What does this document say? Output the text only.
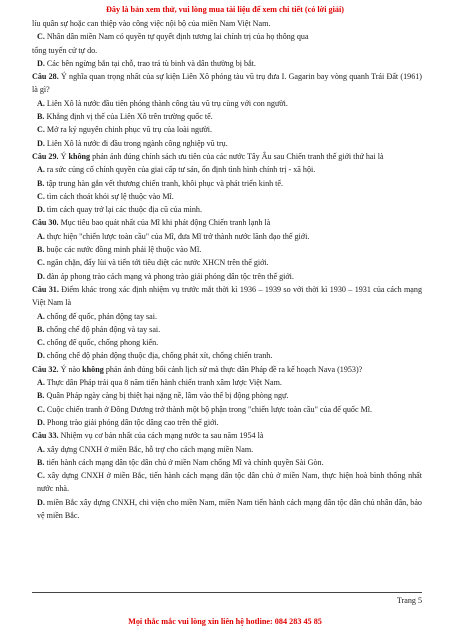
Đây là bản xem thử, vui lòng mua tài liệu để xem chi tiết (có lời giải)
líu quân sự hoặc can thiệp vào công việc nội bộ của miền Nam Việt Nam.
C. Nhân dân miền Nam có quyền tự quyết định tương lai chính trị của họ thông qua
tổng tuyển cử tự do.
D. Các bên ngừng bắn tại chỗ, trao trả tù binh và dân thường bị bắt.
Câu 28. Ý nghĩa quan trọng nhất của sự kiện Liên Xô phóng tàu vũ trụ đưa I. Gagarin bay vòng quanh Trái Đất (1961) là gì?
A. Liên Xô là nước đầu tiên phóng thành công tàu vũ trụ cùng với con người.
B. Khẳng định vị thế của Liên Xô trên trường quốc tế.
C. Mở ra kỷ nguyên chinh phục vũ trụ của loài người.
D. Liên Xô là nước đi đầu trong ngành công nghiệp vũ trụ.
Câu 29. Ý không phản ánh đúng chính sách ưu tiên của các nước Tây Âu sau Chiến tranh thế giới thứ hai là
A. ra sức củng cố chính quyền của giai cấp tư sản, ổn định tình hình chính trị - xã hội.
B. tập trung hàn gắn vết thương chiến tranh, khôi phục và phát triển kinh tế.
C. tìm cách thoát khỏi sự lệ thuộc vào Mĩ.
D. tìm cách quay trở lại các thuộc địa cũ của mình.
Câu 30. Mục tiêu bao quát nhất của Mĩ khi phát động Chiến tranh lạnh là
A. thực hiện "chiến lược toàn cầu" của Mĩ, đưa Mĩ trở thành nước lãnh đạo thế giới.
B. buộc các nước đồng minh phải lệ thuộc vào Mĩ.
C. ngăn chặn, đẩy lùi và tiến tới tiêu diệt các nước XHCN trên thế giới.
D. đàn áp phong trào cách mạng và phong trào giải phóng dân tộc trên thế giới.
Câu 31. Điểm khác trong xác định nhiệm vụ trước mắt thời kì 1936 – 1939 so với thời kì 1930 – 1931 của cách mạng Việt Nam là
A. chống đế quốc, phản động tay sai.
B. chống chế độ phản động và tay sai.
C. chống đế quốc, chống phong kiến.
D. chống chế độ phản động thuộc địa, chống phát xít, chống chiến tranh.
Câu 32. Ý nào không phản ánh đúng bối cảnh lịch sử mà thực dân Pháp đề ra kế hoạch Nava (1953)?
A. Thực dân Pháp trải qua 8 năm tiến hành chiến tranh xâm lược Việt Nam.
B. Quân Pháp ngày càng bị thiệt hại nặng nề, lâm vào thế bị động phòng ngự.
C. Cuộc chiến tranh ở Đông Dương trở thành một bộ phận trong "chiến lược toàn cầu" của đế quốc Mĩ.
D. Phong trào giải phóng dân tộc dâng cao trên thế giới.
Câu 33. Nhiệm vụ cơ bản nhất của cách mạng nước ta sau năm 1954 là
A. xây dựng CNXH ở miền Bắc, hỗ trợ cho cách mạng miền Nam.
B. tiến hành cách mạng dân tộc dân chủ ở miền Nam chống Mĩ và chính quyền Sài Gòn.
C. xây dựng CNXH ở miền Bắc, tiến hành cách mạng dân tộc dân chủ ở miền Nam, thực hiện hoà bình thống nhất nước nhà.
D. miền Bắc xây dựng CNXH, chi viện cho miền Nam, miền Nam tiến hành cách mạng dân tộc dân chủ nhân dân, bảo vệ miền Bắc.
Trang 5
Mọi thắc mắc vui lòng xin liên hệ hotline: 084 283 45 85
